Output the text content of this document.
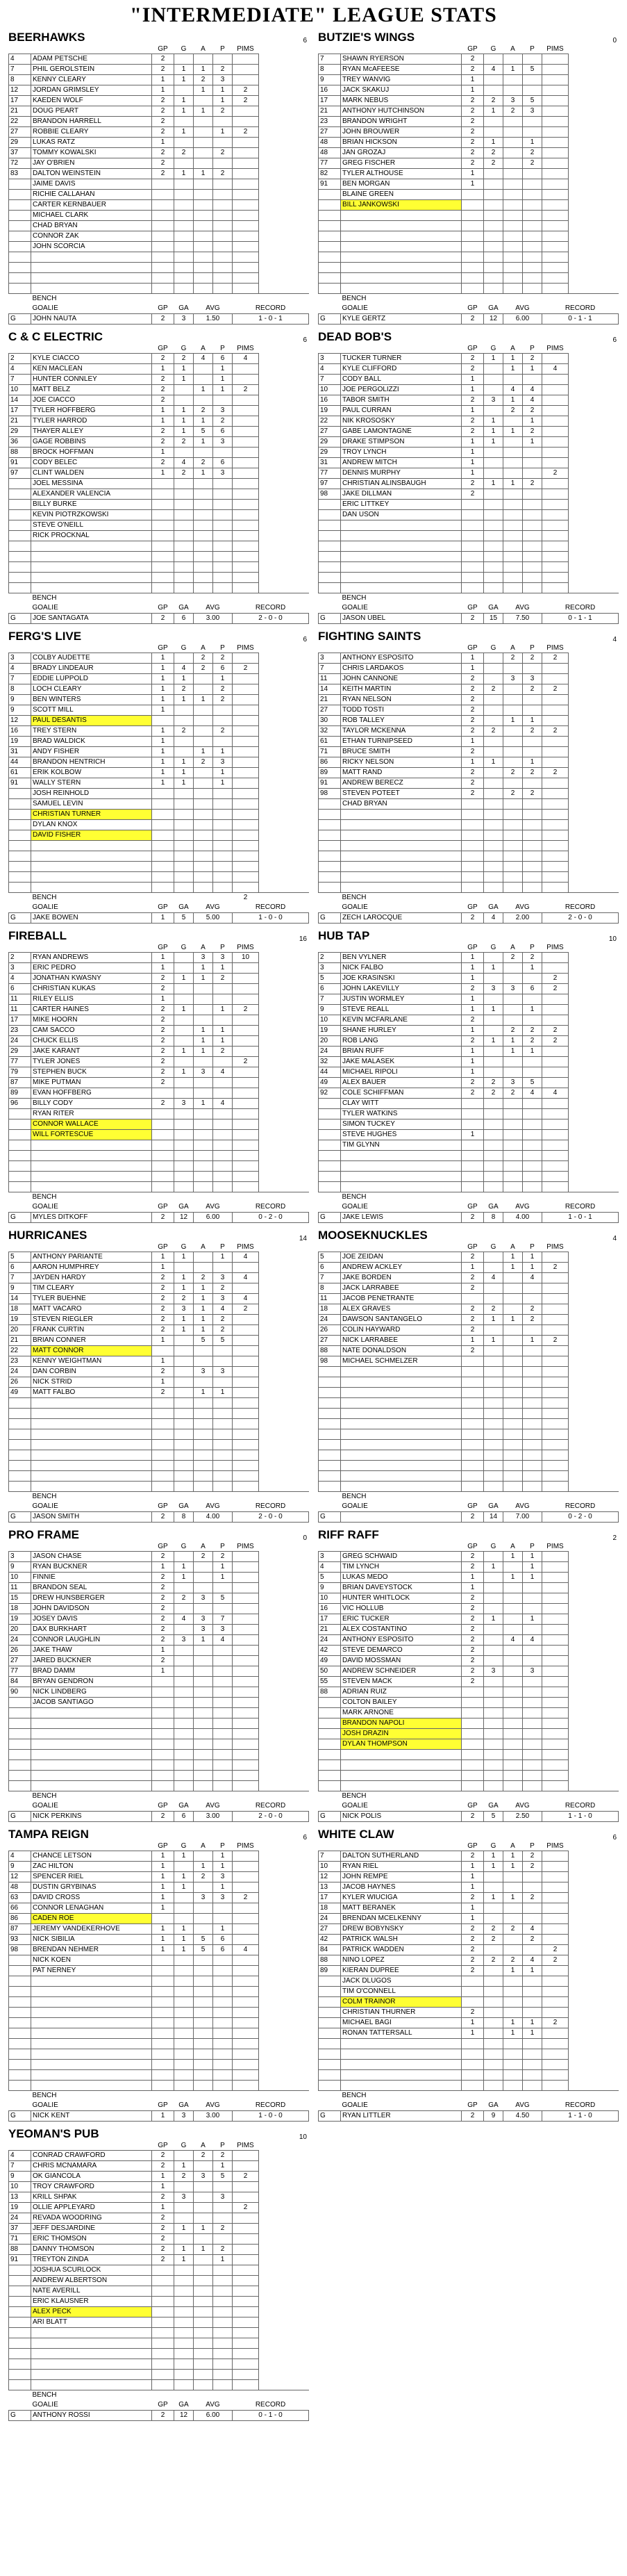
"INTERMEDIATE" LEAGUE STATS
BEERHAWKS	6
		GP	G	A	P	PIMS	
4	ADAM PETSCHE	2					
7	PHIL GEROLSTEIN	2	1	1	2		
8	KENNY CLEARY	1	1	2	3		
12	JORDAN GRIMSLEY	1		1	1	2	
17	KAEDEN WOLF	2	1		1	2	
21	DOUG PEART	2	1	1	2		
22	BRANDON HARRELL	2					
27	ROBBIE CLEARY	2	1		1	2	
29	LUKAS RATZ	1					
37	TOMMY KOWALSKI	2	2		2		
72	JAY O'BRIEN	2					
83	DALTON WEINSTEIN	2	1	1	2		
	JAIME DAVIS						
	RICHIE CALLAHAN						
	CARTER KERNBAUER						
	MICHAEL CLARK						
	CHAD BRYAN						
	CONNOR ZAK						
	JOHN SCORCIA						

	BENCH						
	GOALIE	GP	GA	AVG		RECORD	
G	JOHN NAUTA	2	3	1.50		1 - 0 - 1	
BUTZIE'S WINGS	0
		GP	G	A	P	PIMS	
7	SHAWN RYERSON	2					
8	RYAN McAFEESE	2	4	1	5		
9	TREY WANVIG	1					
16	JACK SKAKUJ	1					
17	MARK NEBUS	2	2	3	5		
21	ANTHONY HUTCHINSON	2	1	2	3		
23	BRANDON WRIGHT	2					
27	JOHN BROUWER	2					
48	BRIAN HICKSON	2	1		1		
48	JAN GROZAJ	2	2		2		
77	GREG FISCHER	2	2		2		
82	TYLER ALTHOUSE	1					
91	BEN MORGAN	1					
	BLAINE GREEN						
	BILL JANKOWSKI						

	BENCH						
	GOALIE	GP	GA	AVG		RECORD	
G	KYLE GERTZ	2	12	6.00		0 - 1 - 1	
C & C ELECTRIC	6
		GP	G	A	P	PIMS	
2	KYLE CIACCO	2	2	4	6	4	
4	KEN MACLEAN	1	1		1		
7	HUNTER CONNLEY	2	1		1		
10	MATT BELZ	2		1	1	2	
14	JOE CIACCO	2					
17	TYLER HOFFBERG	1	1	2	3		
21	TYLER HARROD	1	1	1	2		
29	THAYER ALLEY	2	1	5	6		
36	GAGE ROBBINS	2	2	1	3		
88	BROCK HOFFMAN	1					
91	CODY BELEC	2	4	2	6		
97	CLINT WALDEN	1	2	1	3		
	JOEL MESSINA						
	ALEXANDER VALENCIA						
	BILLY BURKE						
	KEVIN PIOTRZKOWSKI						
	STEVE O'NEILL						
	RICK PROCKNAL						

	BENCH						
	GOALIE	GP	GA	AVG		RECORD	
G	JOE SANTAGATA	2	6	3.00		2 - 0 - 0	
DEAD BOB'S	6
		GP	G	A	P	PIMS	
3	TUCKER TURNER	2	1	1	2		
4	KYLE CLIFFORD	2		1	1	4	
7	CODY BALL	1					
10	JOE PERGOLIZZI	1		4	4		
16	TABOR SMITH	2	3	1	4		
19	PAUL CURRAN	1		2	2		
22	NIK KROSOSKY	2	1		1		
27	GABE LAMONTAGNE	2	1	1	2		
29	DRAKE STIMPSON	1	1		1		
29	TROY LYNCH	1					
31	ANDREW MITCH	1					
77	DENNIS MURPHY	1				2	
97	CHRISTIAN ALINSBAUGH	2	1	1	2		
98	JAKE DILLMAN	2					
	ERIC LITTKEY						
	DAN USON						

	BENCH						
	GOALIE	GP	GA	AVG		RECORD	
G	JASON UBEL	2	15	7.50		0 - 1 - 1	
FERG'S LIVE	6
		GP	G	A	P	PIMS	
3	COLBY AUDETTE	1		2	2		
4	BRADY LINDEAUR	1	4	2	6	2	
7	EDDIE LUPPOLD	1	1		1		
8	LOCH CLEARY	1	2		2		
9	BEN WINTERS	1	1	1	2		
9	SCOTT MILL	1					
12	PAUL DESANTIS						
16	TREY STERN	1	2		2		
19	BRAD WALDICK	1					
31	ANDY FISHER	1		1	1		
44	BRANDON HENTRICH	1	1	2	3		
61	ERIK KOLBOW	1	1		1		
91	WALLY STERN	1	1		1		
	JOSH REINHOLD						
	SAMUEL LEVIN						
	CHRISTIAN TURNER						
	DYLAN KNOX						
	DAVID FISHER						

	BENCH					2	
	GOALIE	GP	GA	AVG		RECORD	
G	JAKE BOWEN	1	5	5.00		1 - 0 - 0	
FIGHTING SAINTS	4
		GP	G	A	P	PIMS	
3	ANTHONY ESPOSITO	1		2	2	2	
7	CHRIS LARDAKOS	1					
11	JOHN CANNONE	2		3	3		
14	KEITH MARTIN	2	2		2	2	
21	RYAN NELSON	2					
27	TODD TOSTI	2					
30	ROB TALLEY	2		1	1		
32	TAYLOR MCKENNA	2	2		2	2	
61	ETHAN TURNIPSEED	1					
71	BRUCE SMITH	2					
86	RICKY NELSON	1	1		1		
89	MATT RAND	2		2	2	2	
91	ANDREW BERECZ	2					
98	STEVEN POTEET	2		2	2		
	CHAD BRYAN						

	BENCH						
	GOALIE	GP	GA	AVG		RECORD	
G	ZECH LAROCQUE	2	4	2.00		2 - 0 - 0	
FIREBALL	16
		GP	G	A	P	PIMS	
2	RYAN ANDREWS	1		3	3	10	
3	ERIC PEDRO	1		1	1		
4	JONATHAN KWASNY	2	1	1	2		
6	CHRISTIAN KUKAS	2					
11	RILEY ELLIS	1					
11	CARTER HAINES	2	1		1	2	
17	MIKE HOORN	2					
23	CAM SACCO	2		1	1		
24	CHUCK ELLIS	2		1	1		
29	JAKE KARANT	2	1	1	2		
77	TYLER JONES	2				2	
79	STEPHEN BUCK	2	1	3	4		
87	MIKE PUTMAN	2					
89	EVAN HOFFBERG						
96	BILLY CODY	2	3	1	4		
	RYAN RITER						
	CONNOR WALLACE						
	WILL FORTESCUE						

	BENCH						
	GOALIE	GP	GA	AVG		RECORD	
G	MYLES DITKOFF	2	12	6.00		0 - 2 - 0	
HUB TAP	10
		GP	G	A	P	PIMS	
2	BEN VYLNER	1		2	2		
3	NICK FALBO	1	1		1		
5	JOE KRASINSKI	1				2	
6	JOHN LAKEVILLY	2	3	3	6	2	
7	JUSTIN WORMLEY	1					
9	STEVE REALL	1	1		1		
10	KEVIN MCFARLANE	2					
19	SHANE HURLEY	1		2	2	2	
20	ROB LANG	2	1	1	2	2	
24	BRIAN RUFF	1		1	1		
32	JAKE MALASEK	1					
44	MICHAEL RIPOLI	1					
49	ALEX BAUER	2	2	3	5		
92	COLE SCHIFFMAN	2	2	2	4	4	
	CLAY WITT						
	TYLER WATKINS						
	SIMON TUCKEY						
	STEVE HUGHES	1					
	TIM GLYNN						

	BENCH						
	GOALIE	GP	GA	AVG		RECORD	
G	JAKE LEWIS	2	8	4.00		1 - 0 - 1	
HURRICANES	14
		GP	G	A	P	PIMS	
5	ANTHONY PARIANTE	1	1		1	4	
6	AARON HUMPHREY	1					
7	JAYDEN HARDY	2	1	2	3	4	
9	TIM CLEARY	2	1	1	2		
14	TYLER BUEHNE	2	2	1	3	4	
18	MATT VACARO	2	3	1	4	2	
19	STEVEN RIEGLER	2	1	1	2		
20	FRANK CURTIN	2	1	1	2		
21	BRIAN CONNER	1		5	5		
22	MATT CONNOR						
23	KENNY WEIGHTMAN	1					
24	DAN CORBIN	2		3	3		
26	NICK STRID	1					
49	MATT FALBO	2		1	1		

	BENCH						
	GOALIE	GP	GA	AVG		RECORD	
G	JASON SMITH	2	8	4.00		2 - 0 - 0	
MOOSEKNUCKLES	4
		GP	G	A	P	PIMS	
5	JOE ZEIDAN	2		1	1		
6	ANDREW ACKLEY	1		1	1	2	
7	JAKE BORDEN	2	4		4		
8	JACK LARRABEE	2					
11	JACOB PENETRANTE						
18	ALEX GRAVES	2	2		2		
24	DAWSON SANTANGELO	2	1	1	2		
26	COLIN HAYWARD	2					
27	NICK LARRABEE	1	1		1	2	
88	NATE DONALDSON	2					
98	MICHAEL SCHMELZER						

	BENCH						
	GOALIE	GP	GA	AVG		RECORD	
G		2	14	7.00		0 - 2 - 0	
PRO FRAME	0
		GP	G	A	P	PIMS	
3	JASON CHASE	2		2	2		
9	RYAN BUCKNER	1	1		1		
10	FINNIE	2	1		1		
11	BRANDON SEAL	2					
15	DREW HUNSBERGER	2	2	3	5		
18	JOHN DAVIDSON	2					
19	JOSEY DAVIS	2	4	3	7		
20	DAX BURKHART	2		3	3		
24	CONNOR LAUGHLIN	2	3	1	4		
26	JAKE THAW	1					
27	JARED BUCKNER	2					
77	BRAD DAMM	1					
84	BRYAN GENDRON						
90	NICK LINDBERG						
	JACOB SANTIAGO						

	BENCH						
	GOALIE	GP	GA	AVG		RECORD	
G	NICK PERKINS	2	6	3.00		2 - 0 - 0	
RIFF RAFF	2
		GP	G	A	P	PIMS	
3	GREG SCHWAID	2		1	1		
4	TIM LYNCH	2	1		1		
5	LUKAS MEDO	1		1	1		
9	BRIAN DAVEYSTOCK	1					
10	HUNTER WHITLOCK	2					
16	VIC HOLLUB	2					
17	ERIC TUCKER	2	1		1		
21	ALEX COSTANTINO	2					
24	ANTHONY ESPOSITO	2		4	4		
42	STEVE DEMARCO	2					
49	DAVID MOSSMAN	2					
50	ANDREW SCHNEIDER	2	3		3		
55	STEVEN MACK	2					
88	ADRIAN RUIZ						
	COLTON BAILEY						
	MARK ARNONE						
	BRANDON NAPOLI						
	JOSH DRAZIN						
	DYLAN THOMPSON						

	BENCH						
	GOALIE	GP	GA	AVG		RECORD	
G	NICK POLIS	2	5	2.50		1 - 1 - 0	
TAMPA REIGN	6
		GP	G	A	P	PIMS	
4	CHANCE LETSON	1	1		1		
9	ZAC HILTON	1		1	1		
12	SPENCER RIEL	1	1	2	3		
48	DUSTIN GRYBINAS	1	1		1		
63	DAVID CROSS	1		3	3	2	
66	CONNOR LENAGHAN	1					
86	CADEN ROE						
87	JEREMY VANDEKERHOVE	1	1		1		
93	NICK SIBILIA	1	1	5	6		
98	BRENDAN NEHMER	1	1	5	6	4	
	NICK KOEN						
	PAT NERNEY						

	BENCH						
	GOALIE	GP	GA	AVG		RECORD	
G	NICK KENT	1	3	3.00		1 - 0 - 0	
WHITE CLAW	6
		GP	G	A	P	PIMS	
7	DALTON SUTHERLAND	2	1	1	2		
10	RYAN RIEL	1	1	1	2		
12	JOHN REMPE	1					
13	JACOB HAYNES	1					
17	KYLER WIUCIGA	2	1	1	2		
18	MATT BERANEK	1					
24	BRENDAN MCELKENNY	1					
27	DREW BOBYNSKY	2	2	2	4		
42	PATRICK WALSH	2	2		2		
84	PATRICK WADDEN	2				2	
88	NINO LOPEZ	2	2	2	4	2	
89	KIERAN DUPREE	2		1	1		
	JACK DLUGOS						
	TIM O'CONNELL						
	COLM TRAINOR						
	CHRISTIAN THURNER	2					
	MICHAEL BAGI	1		1	1	2	
	RONAN TATTERSALL	1		1	1		

	BENCH						
	GOALIE	GP	GA	AVG		RECORD	
G	RYAN LITTLER	2	9	4.50		1 - 1 - 0	
YEOMAN'S PUB	10
		GP	G	A	P	PIMS	
4	CONRAD CRAWFORD	2		2	2		
7	CHRIS MCNAMARA	2	1		1		
9	OK GIANCOLA	1	2	3	5	2	
10	TROY CRAWFORD	1					
13	KRILL SHPAK	2	3		3		
19	OLLIE APPLEYARD	1				2	
24	REVADA WOODRING	2					
37	JEFF DESJARDINE	2	1	1	2		
71	ERIC THOMSON	2					
88	DANNY THOMSON	2	1	1	2		
91	TREYTON ZINDA	2	1		1		
	JOSHUA SCURLOCK						
	ANDREW ALBERTSON						
	NATE AVERILL						
	ERIC KLAUSNER						
	ALEX PECK						
	ARI BLATT						

	BENCH						
	GOALIE	GP	GA	AVG		RECORD	
G	ANTHONY ROSSI	2	12	6.00		0 - 1 - 0	
